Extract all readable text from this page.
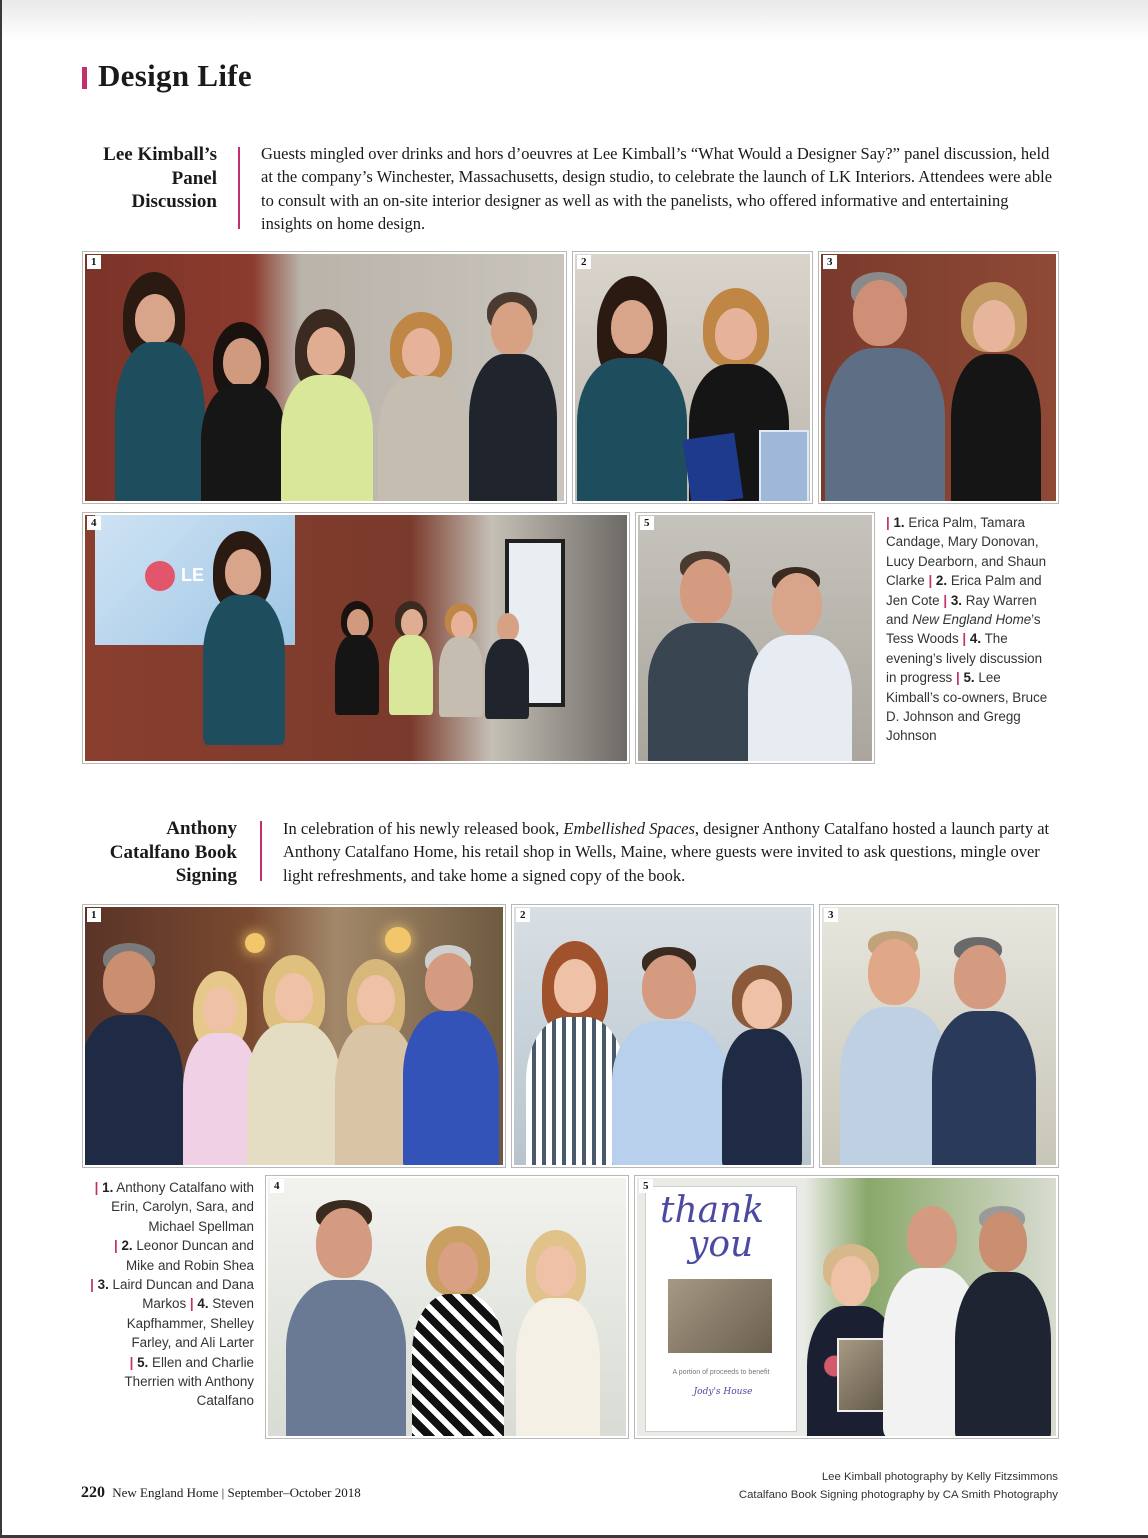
Design Life

Lee Kimball’s
Panel
Discussion

Guests mingled over drinks and hors d’oeuvres at Lee Kimball’s “What Would a Designer Say?” panel discussion, held at the company’s Winchester, Massachusetts, design studio, to celebrate the launch of LK Interiors. Attendees were able to consult with an on-site interior designer as well as with the panelists, who offered informative and entertaining insights on home design.

1	2	3
4
LE
5	| 1. Erica Palm, Tamara Candage, Mary Donovan, Lucy Dearborn, and Shaun Clarke | 2. Erica Palm and Jen Cote | 3. Ray Warren and New England Home’s Tess Woods | 4. The evening’s lively discussion in progress | 5. Lee Kimball’s co-owners, Bruce D. Johnson and Gregg Johnson

Anthony
Catalfano Book
Signing

In celebration of his newly released book, Embellished Spaces, designer Anthony Catalfano hosted a launch party at Anthony Catalfano Home, his retail shop in Wells, Maine, where guests were invited to ask questions, mingle over light refreshments, and take home a signed copy of the book.

1	2	3

| 1. Anthony Catalfano with Erin, Carolyn, Sara, and Michael Spellman
| 2. Leonor Duncan and Mike and Robin Shea
| 3. Laird Duncan and Dana Markos | 4. Steven Kapfhammer, Shelley Farley, and Ali Larter
| 5. Ellen and Charlie Therrien with Anthony Catalfano

4	5
thank
you
A portion of proceeds to benefit
Jody's House
220 New England Home | September–October 2018
Lee Kimball photography by Kelly Fitzsimmons
Catalfano Book Signing photography by CA Smith Photography
